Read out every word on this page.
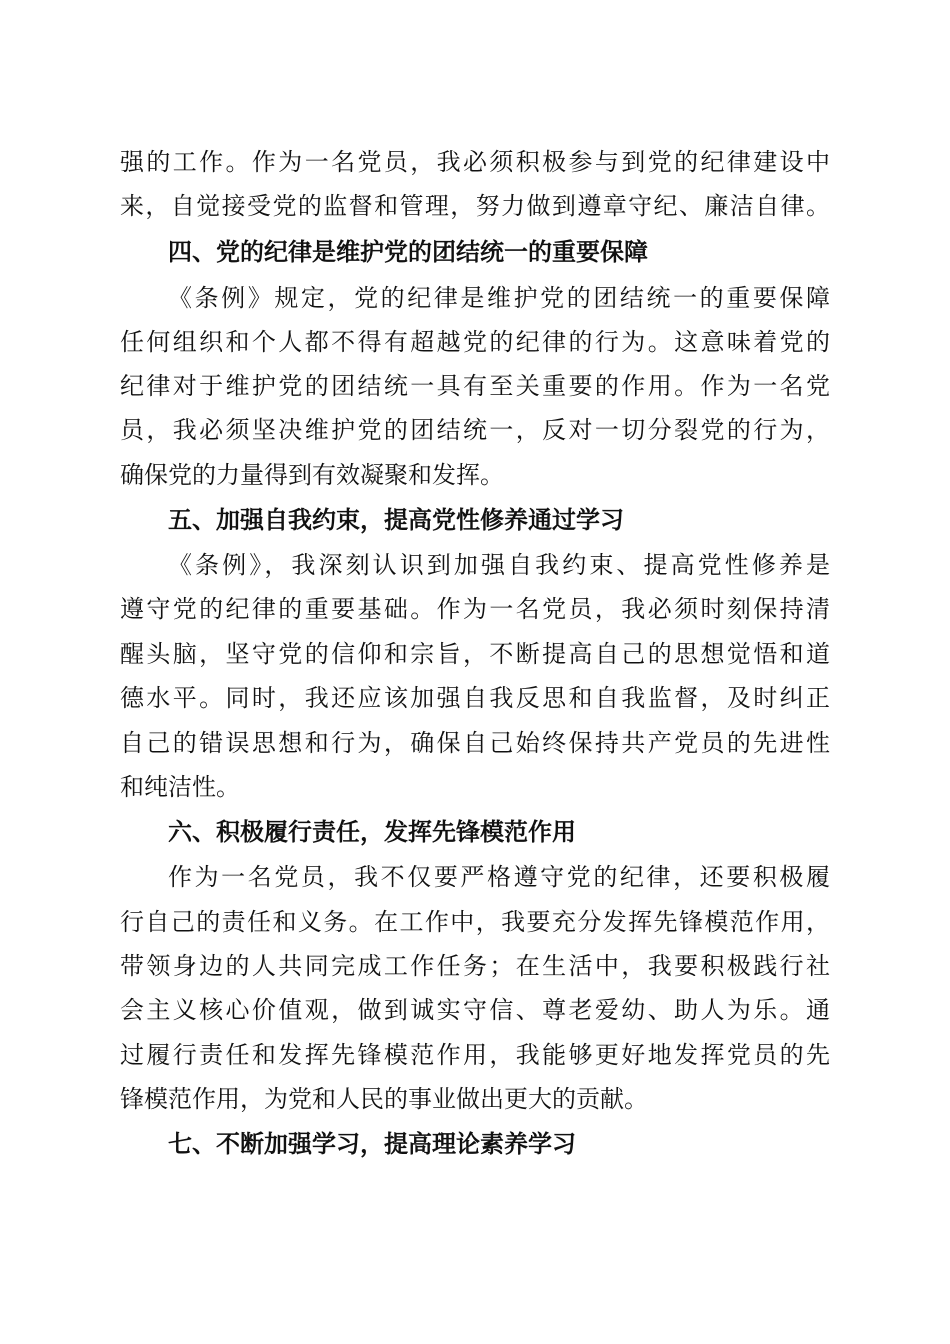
强的工作。作为一名党员，我必须积极参与到党的纪律建设中
来，自觉接受党的监督和管理，努力做到遵章守纪、廉洁自律。
四、党的纪律是维护党的团结统一的重要保障
《条例》规定，党的纪律是维护党的团结统一的重要保障
任何组织和个人都不得有超越党的纪律的行为。这意味着党的
纪律对于维护党的团结统一具有至关重要的作用。作为一名党
员，我必须坚决维护党的团结统一，反对一切分裂党的行为，
确保党的力量得到有效凝聚和发挥。
五、加强自我约束，提高党性修养通过学习
《条例》，我深刻认识到加强自我约束、提高党性修养是
遵守党的纪律的重要基础。作为一名党员，我必须时刻保持清
醒头脑，坚守党的信仰和宗旨，不断提高自己的思想觉悟和道
德水平。同时，我还应该加强自我反思和自我监督，及时纠正
自己的错误思想和行为，确保自己始终保持共产党员的先进性
和纯洁性。
六、积极履行责任，发挥先锋模范作用
作为一名党员，我不仅要严格遵守党的纪律，还要积极履
行自己的责任和义务。在工作中，我要充分发挥先锋模范作用，
带领身边的人共同完成工作任务；在生活中，我要积极践行社
会主义核心价值观，做到诚实守信、尊老爱幼、助人为乐。通
过履行责任和发挥先锋模范作用，我能够更好地发挥党员的先
锋模范作用，为党和人民的事业做出更大的贡献。
七、不断加强学习，提高理论素养学习
